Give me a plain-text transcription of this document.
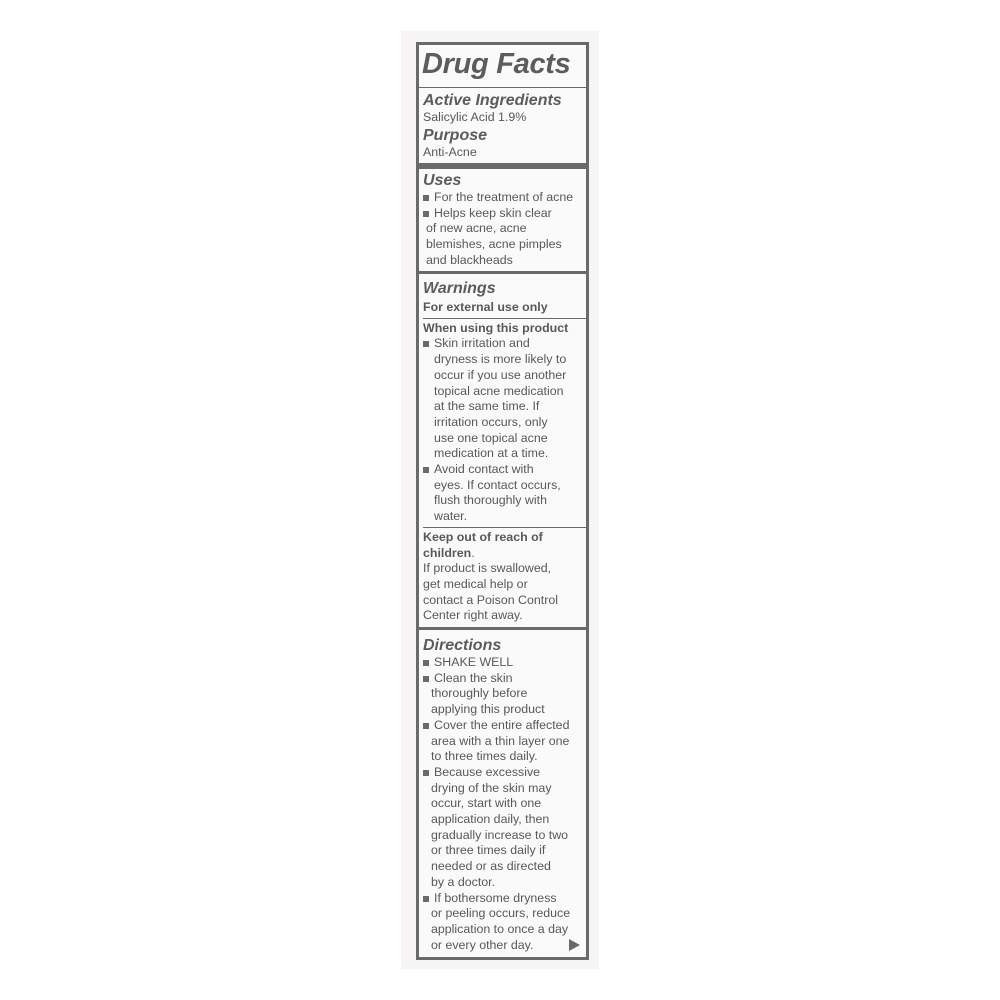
Drug Facts
Active Ingredients
Salicylic Acid 1.9%
Purpose
Anti-Acne
Uses
For the treatment of acne
Helps keep skin clear
of new acne, acne
blemishes, acne pimples
and blackheads
Warnings
For external use only
When using this product
Skin irritation and
dryness is more likely to
occur if you use another
topical acne medication
at the same time. If
irritation occurs, only
use one topical acne
medication at a time.
Avoid contact with
eyes. If contact occurs,
flush thoroughly with
water.
Keep out of reach of
children.
If product is swallowed,
get medical help or
contact a Poison Control
Center right away.
Directions
SHAKE WELL
Clean the skin
thoroughly before
applying this product
Cover the entire affected
area with a thin layer one
to three times daily.
Because excessive
drying of the skin may
occur, start with one
application daily, then
gradually increase to two
or three times daily if
needed or as directed
by a doctor.
If bothersome dryness
or peeling occurs, reduce
application to once a day
or every other day.
